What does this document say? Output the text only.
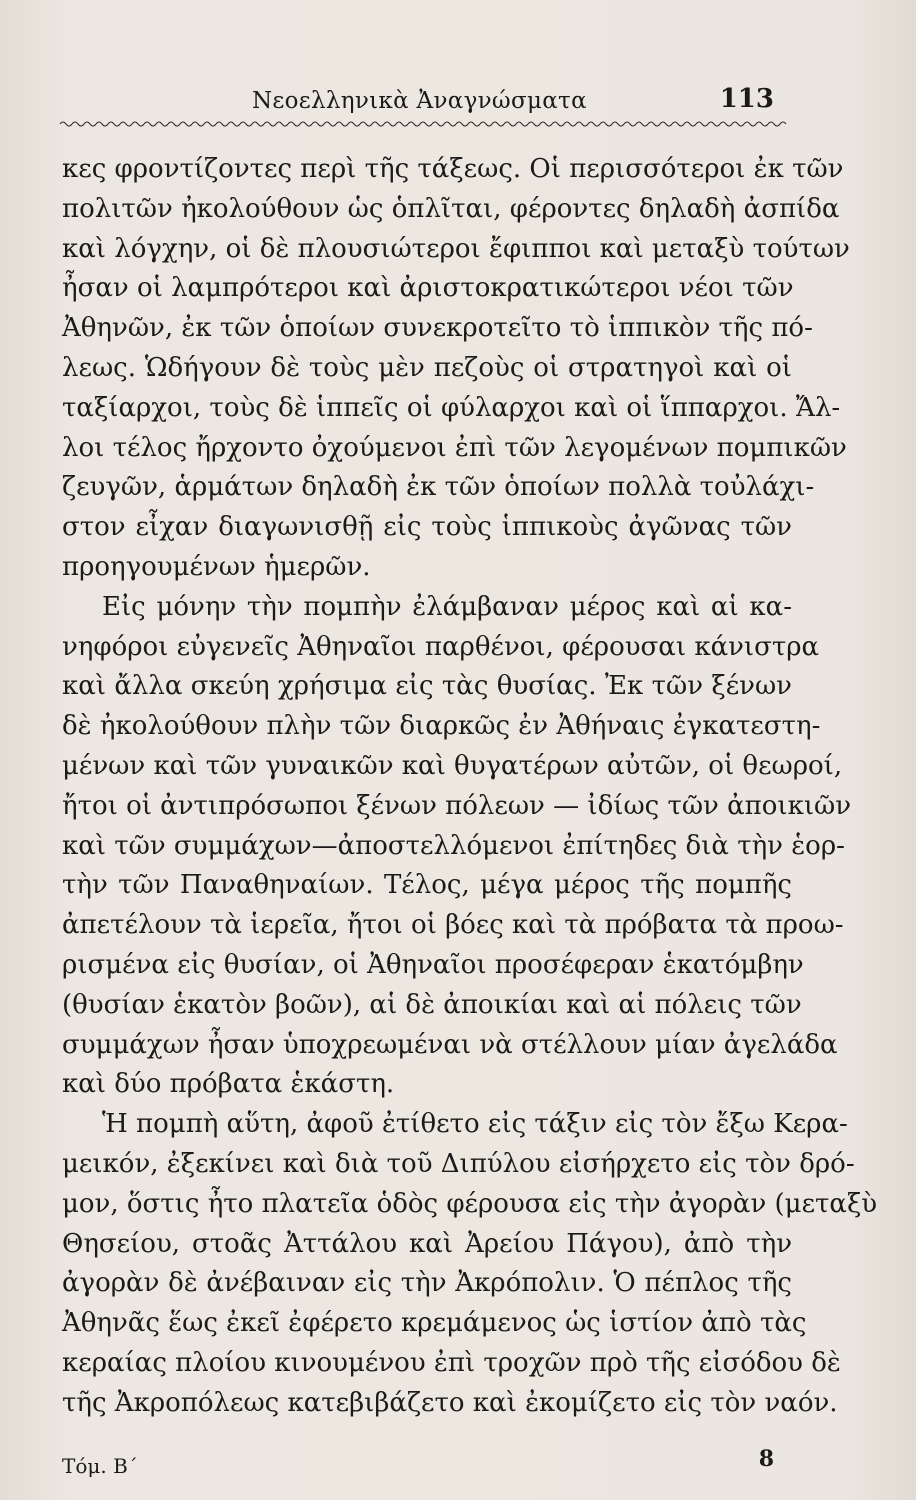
Νεοελληνικὰ Ἀναγνώσματα	113
κες φροντίζοντες περὶ τῆς τάξεως. Οἱ περισσότεροι ἐκ τῶν
πολιτῶν ἠκολούθουν ὡς ὁπλῖται, φέροντες δηλαδὴ ἀσπίδα
καὶ λόγχην, οἱ δὲ πλουσιώτεροι ἔφιπποι καὶ μεταξὺ τούτων
ἦσαν οἱ λαμπρότεροι καὶ ἀριστοκρατικώτεροι νέοι τῶν
Ἀθηνῶν, ἐκ τῶν ὁποίων συνεκροτεῖτο τὸ ἱππικὸν τῆς πό-
λεως. Ὡδήγουν δὲ τοὺς μὲν πεζοὺς οἱ στρατηγοὶ καὶ οἱ
ταξίαρχοι, τοὺς δὲ ἱππεῖς οἱ φύλαρχοι καὶ οἱ ἵππαρχοι. Ἄλ-
λοι τέλος ἤρχοντο ὀχούμενοι ἐπὶ τῶν λεγομένων πομπικῶν
ζευγῶν, ἁρμάτων δηλαδὴ ἐκ τῶν ὁποίων πολλὰ τοὐλάχι-
στον εἶχαν διαγωνισθῇ εἰς τοὺς ἱππικοὺς ἀγῶνας τῶν
προηγουμένων ἡμερῶν.
Εἰς μόνην τὴν πομπὴν ἐλάμβαναν μέρος καὶ αἱ κα-
νηφόροι εὐγενεῖς Ἀθηναῖοι παρθένοι, φέρουσαι κάνιστρα
καὶ ἄλλα σκεύη χρήσιμα εἰς τὰς θυσίας. Ἐκ τῶν ξένων
δὲ ἠκολούθουν πλὴν τῶν διαρκῶς ἐν Ἀθήναις ἐγκατεστη-
μένων καὶ τῶν γυναικῶν καὶ θυγατέρων αὐτῶν, οἱ θεωροί,
ἤτοι οἱ ἀντιπρόσωποι ξένων πόλεων — ἰδίως τῶν ἀποικιῶν
καὶ τῶν συμμάχων—ἀποστελλόμενοι ἐπίτηδες διὰ τὴν ἑορ-
τὴν τῶν Παναθηναίων. Τέλος, μέγα μέρος τῆς πομπῆς
ἀπετέλουν τὰ ἱερεῖα, ἤτοι οἱ βόες καὶ τὰ πρόβατα τὰ προω-
ρισμένα εἰς θυσίαν, οἱ Ἀθηναῖοι προσέφεραν ἑκατόμβην
(θυσίαν ἑκατὸν βοῶν), αἱ δὲ ἀποικίαι καὶ αἱ πόλεις τῶν
συμμάχων ἦσαν ὑποχρεωμέναι νὰ στέλλουν μίαν ἀγελάδα
καὶ δύο πρόβατα ἑκάστη.
Ἡ πομπὴ αὕτη, ἀφοῦ ἐτίθετο εἰς τάξιν εἰς τὸν ἔξω Κερα-
μεικόν, ἐξεκίνει καὶ διὰ τοῦ Διπύλου εἰσήρχετο εἰς τὸν δρό-
μον, ὅστις ἦτο πλατεῖα ὁδὸς φέρουσα εἰς τὴν ἀγορὰν (μεταξὺ
Θησείου, στοᾶς Ἀττάλου καὶ Ἀρείου Πάγου), ἀπὸ τὴν
ἀγορὰν δὲ ἀνέβαιναν εἰς τὴν Ἀκρόπολιν. Ὁ πέπλος τῆς
Ἀθηνᾶς ἕως ἐκεῖ ἐφέρετο κρεμάμενος ὡς ἱστίον ἀπὸ τὰς
κεραίας πλοίου κινουμένου ἐπὶ τροχῶν πρὸ τῆς εἰσόδου δὲ
τῆς Ἀκροπόλεως κατεβιβάζετο καὶ ἐκομίζετο εἰς τὸν ναόν.
Τόμ. Β΄	8
